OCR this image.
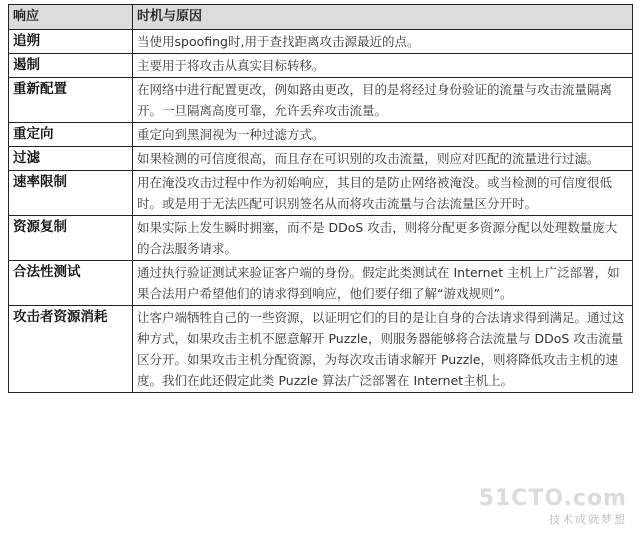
响应	时机与原因
追朔	当使用spoofing时,用于查找距离攻击源最近的点。
遏制	主要用于将攻击从真实目标转移。
重新配置	在网络中进行配置更改，例如路由更改，目的是将经过身份验证的流量与攻击流量隔离开。一旦隔离高度可靠，允许丢弃攻击流量。
重定向	重定向到黑洞视为一种过滤方式。
过滤	如果检测的可信度很高，而且存在可识别的攻击流量，则应对匹配的流量进行过滤。
速率限制	用在淹没攻击过程中作为初始响应，其目的是防止网络被淹没。或当检测的可信度很低时。或是用于无法匹配可识别签名从而将攻击流量与合法流量区分开时。
资源复制	如果实际上发生瞬时拥塞，而不是 DDoS 攻击，则将分配更多资源分配以处理数量庞大的合法服务请求。
合法性测试	通过执行验证测试来验证客户端的身份。假定此类测试在 Internet 主机上广泛部署，如果合法用户希望他们的请求得到响应，他们要仔细了解“游戏规则”。
攻击者资源消耗	让客户端牺牲自己的一些资源，以证明它们的目的是让自身的合法请求得到满足。通过这种方式，如果攻击主机不愿意解开 Puzzle，则服务器能够将合法流量与 DDoS 攻击流量区分开。如果攻击主机分配资源，为每次攻击请求解开 Puzzle，则将降低攻击主机的速度。我们在此还假定此类 Puzzle 算法广泛部署在 Internet主机上。
51CTO.com
技术成就梦想
